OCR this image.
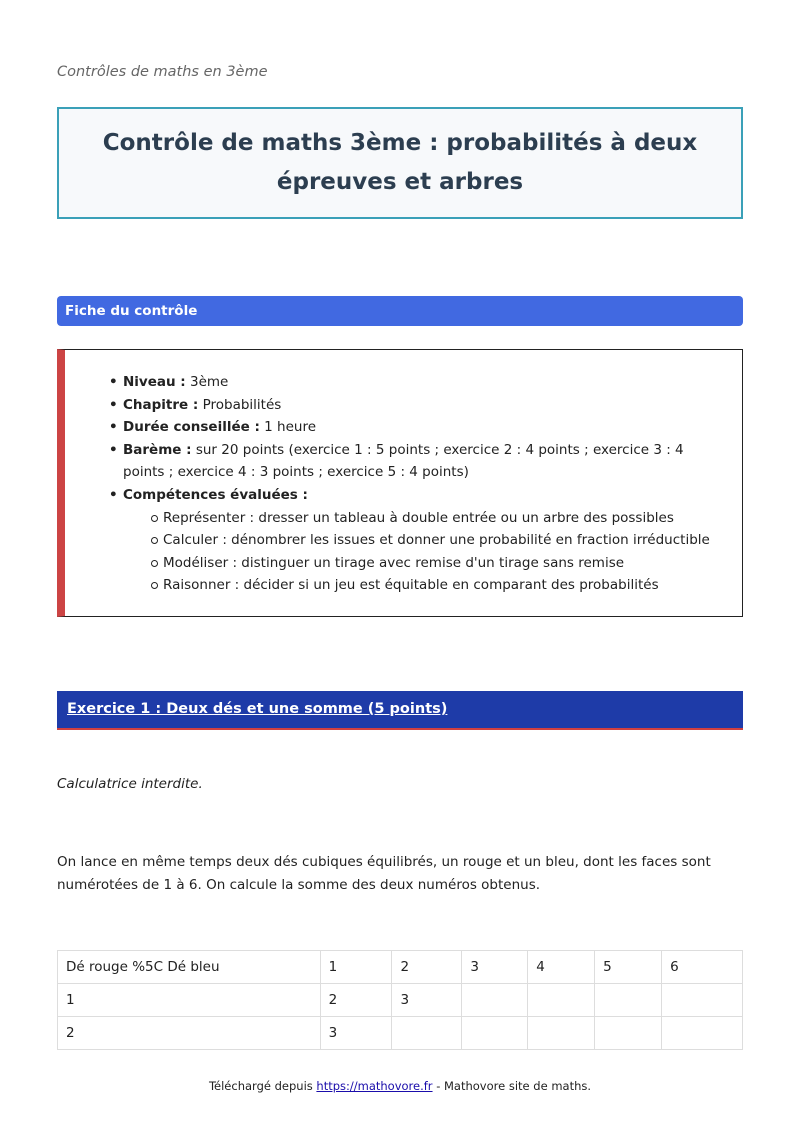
Contrôles de maths en 3ème
Contrôle de maths 3ème : probabilités à deux épreuves et arbres
Fiche du contrôle
• Niveau : 3ème
• Chapitre : Probabilités
• Durée conseillée : 1 heure
• Barème : sur 20 points (exercice 1 : 5 points ; exercice 2 : 4 points ; exercice 3 : 4 points ; exercice 4 : 3 points ; exercice 5 : 4 points)
• Compétences évaluées :
Représenter : dresser un tableau à double entrée ou un arbre des possibles
Calculer : dénombrer les issues et donner une probabilité en fraction irréductible
Modéliser : distinguer un tirage avec remise d'un tirage sans remise
Raisonner : décider si un jeu est équitable en comparant des probabilités
Exercice 1 : Deux dés et une somme (5 points)
Calculatrice interdite.
On lance en même temps deux dés cubiques équilibrés, un rouge et un bleu, dont les faces sont numérotées de 1 à 6. On calcule la somme des deux numéros obtenus.
Dé rouge %5C Dé bleu	1	2	3	4	5	6
1	2	3				
2	3					
Téléchargé depuis https://mathovore.fr - Mathovore site de maths.
